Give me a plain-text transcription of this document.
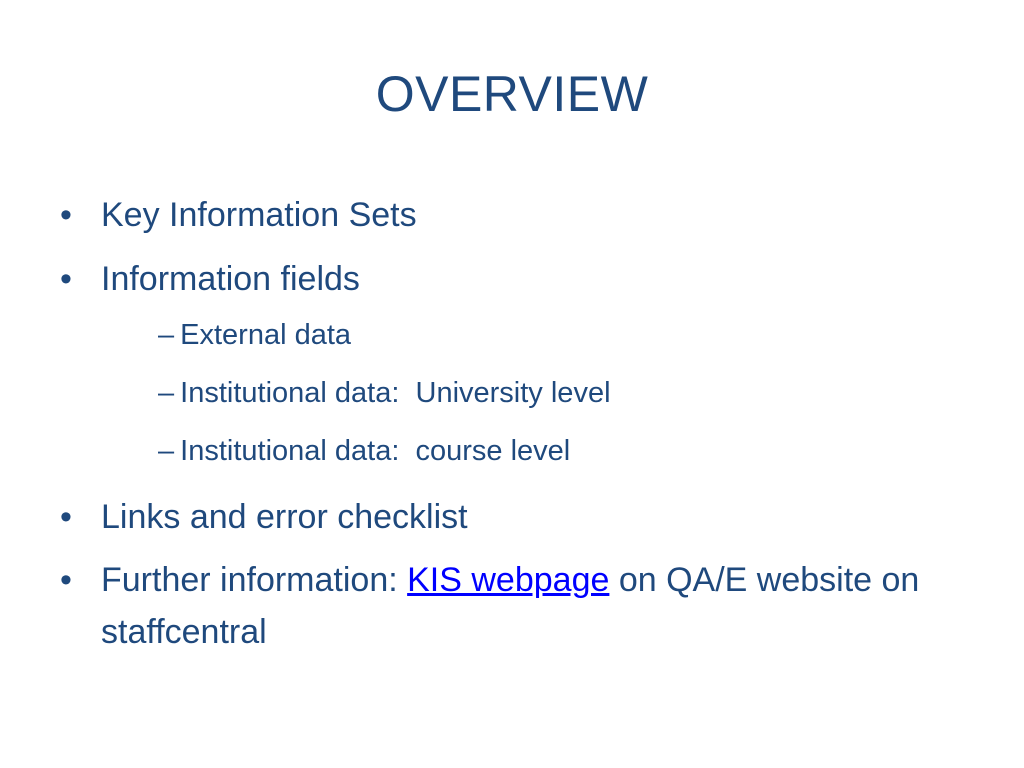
OVERVIEW
• Key Information Sets
• Information fields
– External data
– Institutional data:  University level
– Institutional data:  course level
• Links and error checklist
• Further information: KIS webpage on QA/E website on staffcentral
